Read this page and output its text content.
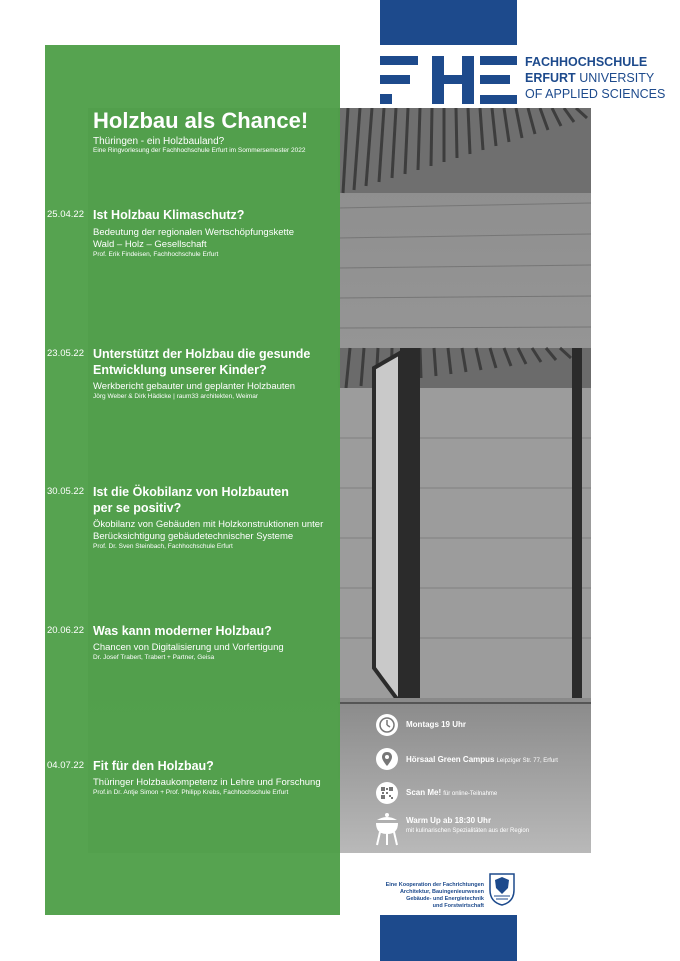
FACHHOCHSCHULE
ERFURT UNIVERSITY
OF APPLIED SCIENCES
Holzbau als Chance!
Thüringen - ein Holzbauland?
Eine Ringvorlesung der Fachhochschule Erfurt im Sommersemester 2022
25.04.22 Ist Holzbau Klimaschutz?
Bedeutung der regionalen Wertschöpfungskette
Wald – Holz – Gesellschaft
Prof. Erik Findeisen, Fachhochschule Erfurt
23.05.22 Unterstützt der Holzbau die gesunde
Entwicklung unserer Kinder?
Werkbericht gebauter und geplanter Holzbauten
Jörg Weber & Dirk Hädicke | raum33 architekten, Weimar
30.05.22 Ist die Ökobilanz von Holzbauten
per se positiv?
Ökobilanz von Gebäuden mit Holzkonstruktionen unter
Berücksichtigung gebäudetechnischer Systeme
Prof. Dr. Sven Steinbach, Fachhochschule Erfurt
20.06.22 Was kann moderner Holzbau?
Chancen von Digitalisierung und Vorfertigung
Dr. Josef Trabert, Trabert + Partner, Geisa
04.07.22 Fit für den Holzbau?
Thüringer Holzbaukompetenz in Lehre und Forschung
Prof.in Dr. Antje Simon + Prof. Philipp Krebs, Fachhochschule Erfurt
Montags 19 Uhr
Hörsaal Green Campus Leipziger Str. 77, Erfurt
Scan Me! für online-Teilnahme
Warm Up ab 18:30 Uhr
mit kulinarischen Spezialitäten aus der Region
Eine Kooperation der Fachrichtungen
Architektur, Bauingenieurwesen
Gebäude- und Energietechnik
und Forstwirtschaft
